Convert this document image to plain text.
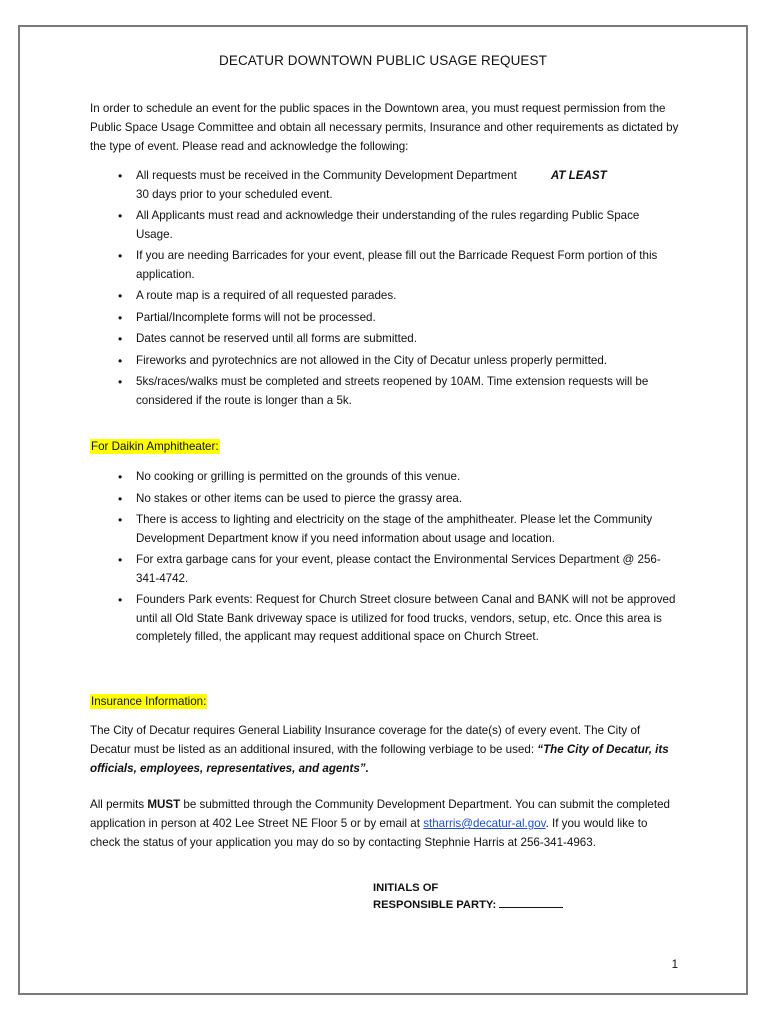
DECATUR DOWNTOWN PUBLIC USAGE REQUEST
In order to schedule an event for the public spaces in the Downtown area, you must request permission from the Public Space Usage Committee and obtain all necessary permits, Insurance and other requirements as dictated by the type of event. Please read and acknowledge the following:
• All requests must be received in the Community Development Department	AT LEAST
30 days prior to your scheduled event.
• All Applicants must read and acknowledge their understanding of the rules regarding Public Space Usage.
• If you are needing Barricades for your event, please fill out the Barricade Request Form portion of this application.
• A route map is a required of all requested parades.
• Partial/Incomplete forms will not be processed.
• Dates cannot be reserved until all forms are submitted.
• Fireworks and pyrotechnics are not allowed in the City of Decatur unless properly permitted.
• 5ks/races/walks must be completed and streets reopened by 10AM. Time extension requests will be considered if the route is longer than a 5k.
For Daikin Amphitheater:
• No cooking or grilling is permitted on the grounds of this venue.
• No stakes or other items can be used to pierce the grassy area.
• There is access to lighting and electricity on the stage of the amphitheater. Please let the Community Development Department know if you need information about usage and location.
• For extra garbage cans for your event, please contact the Environmental Services Department @ 256-341-4742.
• Founders Park events: Request for Church Street closure between Canal and BANK will not be approved until all Old State Bank driveway space is utilized for food trucks, vendors, setup, etc. Once this area is completely filled, the applicant may request additional space on Church Street.
Insurance Information:
The City of Decatur requires General Liability Insurance coverage for the date(s) of every event. The City of Decatur must be listed as an additional insured, with the following verbiage to be used: “The City of Decatur, its officials, employees, representatives, and agents”.
All permits MUST be submitted through the Community Development Department. You can submit the completed application in person at 402 Lee Street NE Floor 5 or by email at stharris@decatur-al.gov. If you would like to check the status of your application you may do so by contacting Stephnie Harris at 256-341-4963.
INITIALS OF
RESPONSIBLE PARTY:
1
